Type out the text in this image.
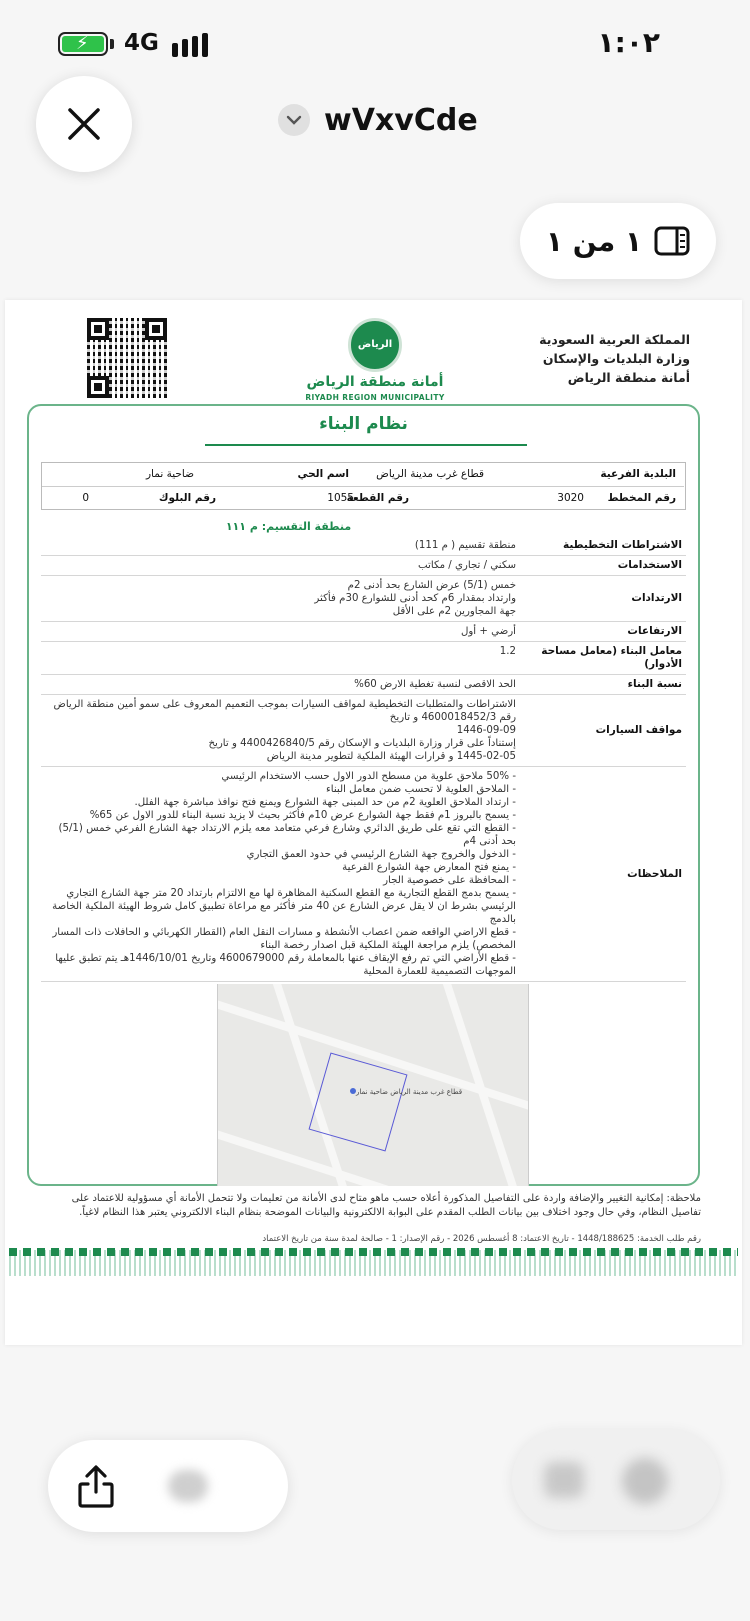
⚡ 4G	١:٠٢
wVxvCde
١ من ١
المملكة العربية السعودية
وزارة البلديات والإسكان
أمانة منطقة الرياض
الرياض
أمانة منطقة الرياض
RIYADH REGION MUNICIPALITY
نظام البناء
البلدية الفرعية
قطاع غرب مدينة الرياض
اسم الحي
ضاحية نمار
رقم المخطط
3020
رقم القطعة
1055
رقم البلوك
0
منطقة التقسيم: م ١١١
الاشتراطات التخطيطية
منطقة تقسيم ( م 111)
الاستخدامات
سكني / تجاري / مكاتب
الارتدادات
خمس (5/1) عرض الشارع بحد أدنى 2م
وارتداد بمقدار 6م كحد أدنى للشوارع 30م فأكثر
جهة المجاورين 2م على الأقل
الارتفاعات
أرضي + أول
معامل البناء (معامل مساحة الأدوار)
1.2
نسبة البناء
الحد الاقصى لنسبة تغطية الارض 60%
مواقف السيارات
الاشتراطات والمتطلبات التخطيطية لمواقف السيارات بموجب التعميم المعروف على سمو أمين منطقة الرياض رقم 4600018452/3 و تاريخ
1446-09-09
إستناداً على قرار وزارة البلديات و الإسكان رقم 4400426840/5 و تاريخ
1445-02-05 و قرارات الهيئة الملكية لتطوير مدينة الرياض
الملاحظات
- 50% ملاحق علوية من مسطح الدور الاول حسب الاستخدام الرئيسي
- الملاحق العلوية لا تحسب ضمن معامل البناء
- ارتداد الملاحق العلوية 2م من حد المبنى جهة الشوارع ويمنع فتح نوافذ مباشرة جهة الفلل.
- يسمح بالبروز 1م فقط جهة الشوارع عرض 10م فأكثر بحيث لا يزيد نسبة البناء للدور الاول عن 65%
- القطع التي تقع على طريق الدائري وشارع فرعي متعامد معه يلزم الارتداد جهة الشارع الفرعي خمس (5/1) بحد أدنى 4م
- الدخول والخروج جهة الشارع الرئيسي في حدود العمق التجاري
- يمنع فتح المعارض جهة الشوارع الفرعية
- المحافظة على خصوصية الجار
- يسمح بدمج القطع التجارية مع القطع السكنية المظاهرة لها مع الالتزام بارتداد 20 متر جهة الشارع التجاري الرئيسي بشرط ان لا يقل عرض الشارع عن 40 متر فأكثر مع مراعاة تطبيق كامل شروط الهيئة الملكية الخاصة بالدمج
- قطع الاراضي الواقعه ضمن اعصاب الأنشطة و مسارات النقل العام (القطار الكهربائي و الحافلات ذات المسار المخصص) يلزم مراجعة الهيئة الملكية قبل اصدار رخصة البناء
- قطع الأراضي التي تم رفع الإيقاف عنها بالمعاملة رقم 4600679000 وتاريخ 1446/10/01هـ يتم تطبق عليها الموجهات التصميمية للعمارة المحلية
قطاع غرب مدينة الرياض ضاحية نمار
ملاحظة: إمكانية التغيير والإضافة واردة على التفاصيل المذكورة أعلاه حسب ماهو متاح لدى الأمانة من تعليمات ولا تتحمل الأمانة أي مسؤولية للاعتماد على تفاصيل النظام، وفي حال وجود اختلاف بين بيانات الطلب المقدم على البوابة الالكترونية والبيانات الموضحة بنظام البناء الالكتروني يعتبر هذا النظام لاغياً.
رقم طلب الخدمة: 1448/188625 - تاريخ الاعتماد: 8 أغسطس 2026 - رقم الإصدار: 1 - صالحة لمدة سنة من تاريخ الاعتماد
